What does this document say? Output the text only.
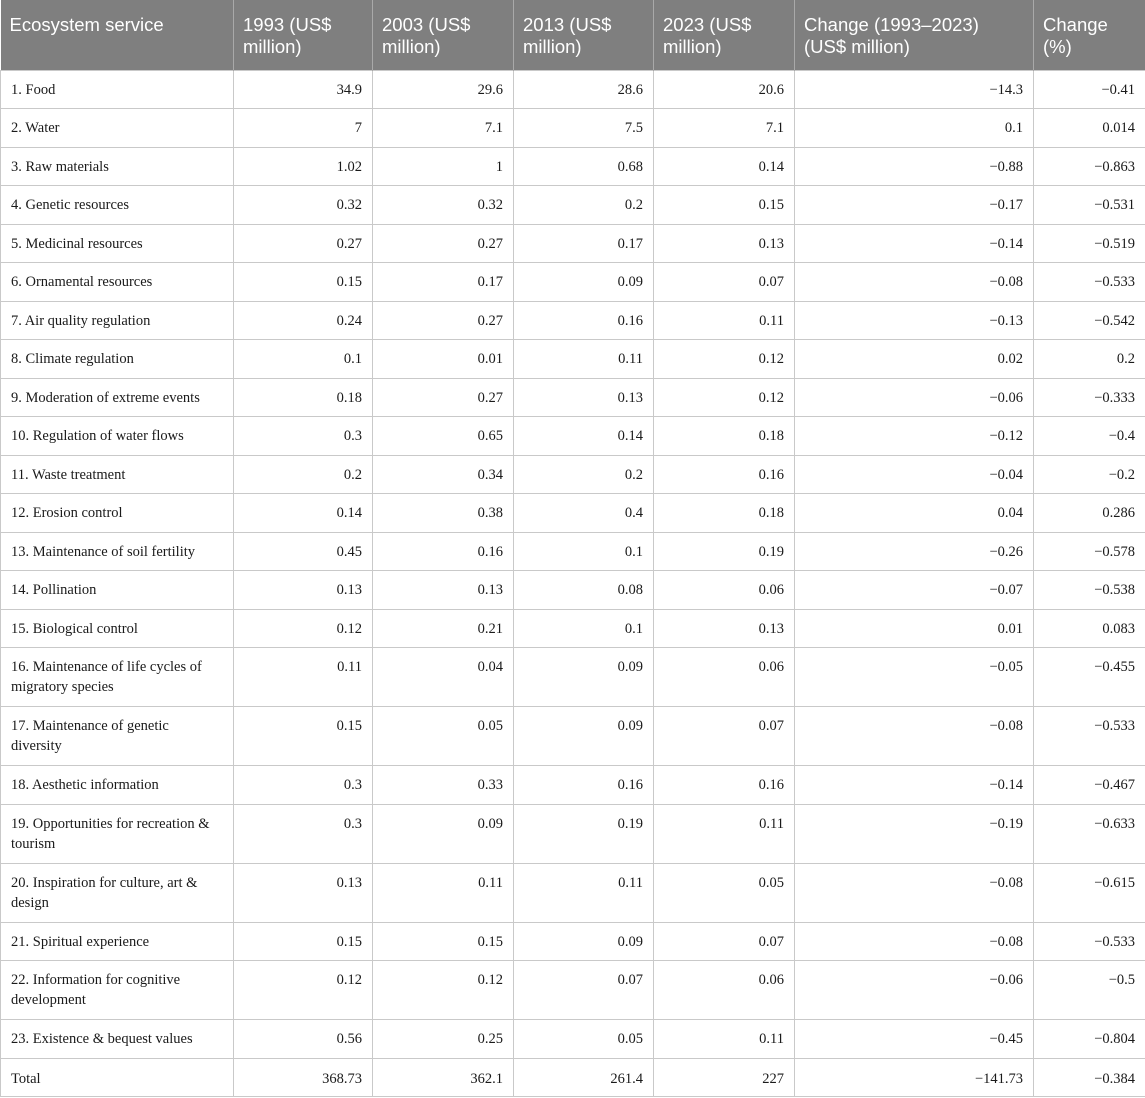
Ecosystem service	1993 (US$ million)	2003 (US$ million)	2013 (US$ million)	2023 (US$ million)	Change (1993–2023) (US$ million)	Change (%)
1. Food	34.9	29.6	28.6	20.6	−14.3	−0.41
2. Water	7	7.1	7.5	7.1	0.1	0.014
3. Raw materials	1.02	1	0.68	0.14	−0.88	−0.863
4. Genetic resources	0.32	0.32	0.2	0.15	−0.17	−0.531
5. Medicinal resources	0.27	0.27	0.17	0.13	−0.14	−0.519
6. Ornamental resources	0.15	0.17	0.09	0.07	−0.08	−0.533
7. Air quality regulation	0.24	0.27	0.16	0.11	−0.13	−0.542
8. Climate regulation	0.1	0.01	0.11	0.12	0.02	0.2
9. Moderation of extreme events	0.18	0.27	0.13	0.12	−0.06	−0.333
10. Regulation of water flows	0.3	0.65	0.14	0.18	−0.12	−0.4
11. Waste treatment	0.2	0.34	0.2	0.16	−0.04	−0.2
12. Erosion control	0.14	0.38	0.4	0.18	0.04	0.286
13. Maintenance of soil fertility	0.45	0.16	0.1	0.19	−0.26	−0.578
14. Pollination	0.13	0.13	0.08	0.06	−0.07	−0.538
15. Biological control	0.12	0.21	0.1	0.13	0.01	0.083
16. Maintenance of life cycles of migratory species	0.11	0.04	0.09	0.06	−0.05	−0.455
17. Maintenance of genetic diversity	0.15	0.05	0.09	0.07	−0.08	−0.533
18. Aesthetic information	0.3	0.33	0.16	0.16	−0.14	−0.467
19. Opportunities for recreation & tourism	0.3	0.09	0.19	0.11	−0.19	−0.633
20. Inspiration for culture, art & design	0.13	0.11	0.11	0.05	−0.08	−0.615
21. Spiritual experience	0.15	0.15	0.09	0.07	−0.08	−0.533
22. Information for cognitive development	0.12	0.12	0.07	0.06	−0.06	−0.5
23. Existence & bequest values	0.56	0.25	0.05	0.11	−0.45	−0.804
Total	368.73	362.1	261.4	227	−141.73	−0.384
